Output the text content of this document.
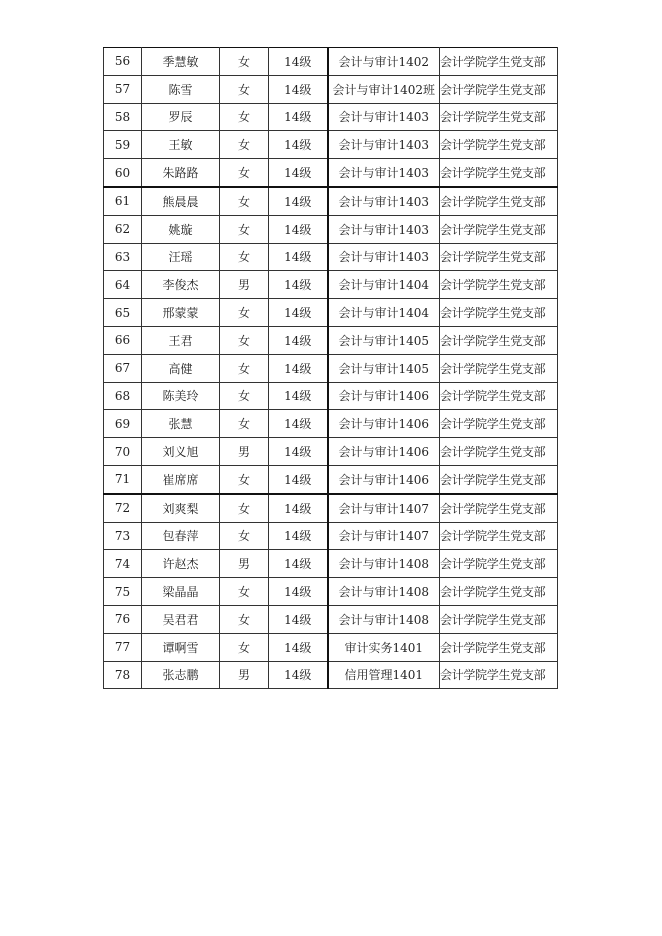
56	季慧敏	女	14级	会计与审计1402	会计学院学生党支部
57	陈雪	女	14级	会计与审计1402班	会计学院学生党支部
58	罗辰	女	14级	会计与审计1403	会计学院学生党支部
59	王敏	女	14级	会计与审计1403	会计学院学生党支部
60	朱路路	女	14级	会计与审计1403	会计学院学生党支部
61	熊晨晨	女	14级	会计与审计1403	会计学院学生党支部
62	姚璇	女	14级	会计与审计1403	会计学院学生党支部
63	汪瑶	女	14级	会计与审计1403	会计学院学生党支部
64	李俊杰	男	14级	会计与审计1404	会计学院学生党支部
65	邢蒙蒙	女	14级	会计与审计1404	会计学院学生党支部
66	王君	女	14级	会计与审计1405	会计学院学生党支部
67	高健	女	14级	会计与审计1405	会计学院学生党支部
68	陈美玲	女	14级	会计与审计1406	会计学院学生党支部
69	张慧	女	14级	会计与审计1406	会计学院学生党支部
70	刘义旭	男	14级	会计与审计1406	会计学院学生党支部
71	崔席席	女	14级	会计与审计1406	会计学院学生党支部
72	刘爽梨	女	14级	会计与审计1407	会计学院学生党支部
73	包春萍	女	14级	会计与审计1407	会计学院学生党支部
74	许赵杰	男	14级	会计与审计1408	会计学院学生党支部
75	梁晶晶	女	14级	会计与审计1408	会计学院学生党支部
76	吴君君	女	14级	会计与审计1408	会计学院学生党支部
77	谭啊雪	女	14级	审计实务1401	会计学院学生党支部
78	张志鹏	男	14级	信用管理1401	会计学院学生党支部
